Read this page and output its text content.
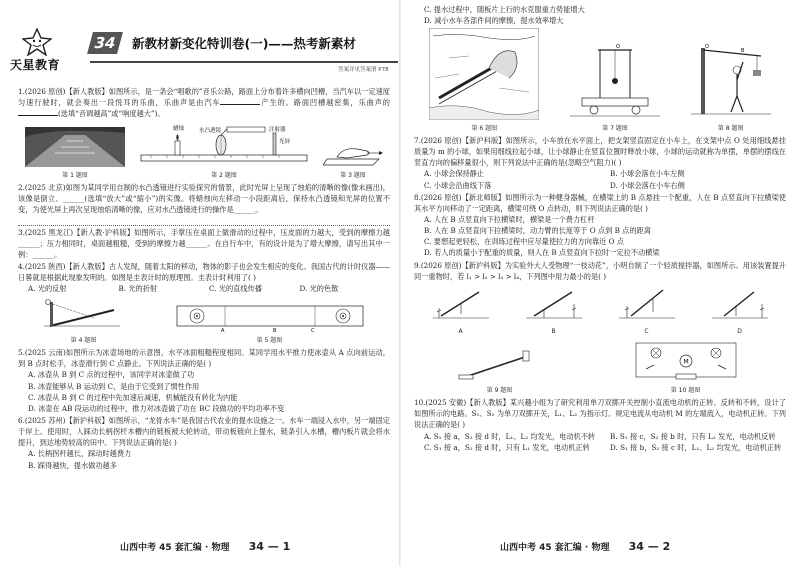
天星教育
34	新教材新变化特训卷(一)——热考新素材
答案详见答案册 P78

1.(2026 原创)【新人教版】如图所示，是一条会“唱歌的”音乐公路，路面上分布着许多横向凹槽，当汽车以一定速度匀速行驶时，就会奏出一段悦耳的乐曲，乐曲声是由汽车	产生的。路面凹槽越密集，乐曲声的(选填“音调越高”或“响度越大”)。

第 1 题图
蜡烛	水凸透镜	注射器
光屏
第 2 题图	第 3 题图

2.(2025 北京)如图为某同学用自制的水凸透镜进行实验探究的情景，此时光屏上呈现了烛焰的清晰的像(像未画出)，该像是倒立、______(选填“放大”或“缩小”)的实像。将蜡烛向左移动一小段距离后，保持水凸透镜和光屏的位置不变，为使光屏上再次呈现烛焰清晰的像，应对水凸透镜进行的操作是______。

3.(2025 黑龙江)【新人教·沪科版】如图所示，手掌压在桌面上做滑动的过程中，压皮面的力越大，受到的摩擦力越______；压力相同时，桌面越粗糙，受到的摩擦力越______。在自行车中，有的设计是为了增大摩擦，请写出其中一例：______。

4.(2025 陕西)【新人教版】古人发现，随着太阳的移动，物体的影子也会发生相应的变化。我国古代的计时仪器——日晷就是根据此现象发明的。如图是圭表计时的原理图。圭表计时利用了( )

A. 光的反射	B. 光的折射	C. 光的直线传播	D. 光的色散
第 4 题图
A	B	C
第 5 题图

5.(2025 云南)如图所示为冰壶场地的示意图，水平冰面粗糙程度相同。某同学用水平推力使冰壶从 A 点向前运动，到 B 点时松手，冰壶滑行到 C 点静止。下列说法正确的是( )

A. 冰壶从 B 到 C 点的过程中，该同学对冰壶做了功
B. 冰壶能够从 B 运动到 C，是由于它受到了惯性作用
C. 冰壶从 B 到 C 的过程中先加速后减速，机械能没有转化为内能
D. 冰壶在 AB 段运动的过程中，推力对冰壶做了功在 BC 段做功的平均功率不变

6.(2025 苏州)【新沪科版】如图所示，“龙骨水车”是我国古代农业的提水设施之一。水车一端浸入水中，另一端固定于岸上。使用时，人踩动长柄拐杆木槽内的链板被大轮转动，带动板链向上提水，链条引入水槽，槽内板片就会将水提升，到达地势较高的田中。下列说法正确的是( )

A. 长柄拐杆越长，踩动时越费力
B. 踩得越快，提水做功越多
山西中考 45 套汇编 · 物理 34 — 1
C. 提水过程中，随板片上行的水克服重力势能增大
D. 减小水车各部件间的摩擦，提水效率增大
第 6 题图
O
第 7 题图
O
B
第 8 题图

7.(2026 原创)【新沪科版】如图所示，小车放在水平面上，把支架竖直固定在小车上，在支架中点 O 处用细线悬挂质量为 m 的小球，如果用细线拉起小球，让小球静止在竖直位置时释放小球，小球的运动就称为单摆，单摆的摆线在竖直方向的偏移量很小，则下列说法中正确的是(忽略空气阻力)( )

A. 小球会保持静止	B. 小球会落在小车左侧
C. 小球会沿曲线下落	D. 小球会落在小车右侧

8.(2026 原创)【新北师版】如图所示为一种健身器械，在横梁上的 B 点悬挂一个配重，人在 B 点竖直向下拉横梁使其水平方向移动了一定距离，横梁可绕 O 点转动，则下列说法正确的是( )

A. 人在 B 点竖直向下拉横梁时，横梁是一个费力杠杆
B. 人在 B 点竖直向下拉横梁时，动力臂的长度等于 O 点到 B 点的距离
C. 要想起更轻松，在训练过程中应尽量使拉力的方向靠近 O 点
D. 若人的质量小于配重的质量，则人在 B 点竖直向下拉时一定拉不动横梁

9.(2026 原创)【新沪科版】为实验外大人受物理“一枝动花”，小明自制了一个轻质搅拌器，如图所示。用该装置提升同一重物时，若 l₁ > l₂ > l₃ > l₄，下列图中用力最小的是( )

A	B	C	D
第 9 题图
M
第 10 题图

10.(2025 安徽)【新人教版】某兴趣小组为了研究利用单刀双掷开关控制小直流电动机的正转、反转和不转，设计了如图所示的电路。S₁、S₂ 为单刀双掷开关，L₁、L₂ 为指示灯。规定电流从电动机 M 的左端流入，电动机正转。下列说法正确的是( )

A. S₁ 接 a，S₂ 接 d 时，L₁、L₂ 均发光，电动机不转	B. S₁ 接 c，S₂ 接 b 时，只有 L₂ 发光，电动机反转
C. S₁ 接 a，S₂ 接 d 时，只有 L₁ 发光，电动机正转	D. S₁ 接 b，S₂ 接 c 时，L₁、L₂ 均发光，电动机正转
山西中考 45 套汇编 · 物理 34 — 2
